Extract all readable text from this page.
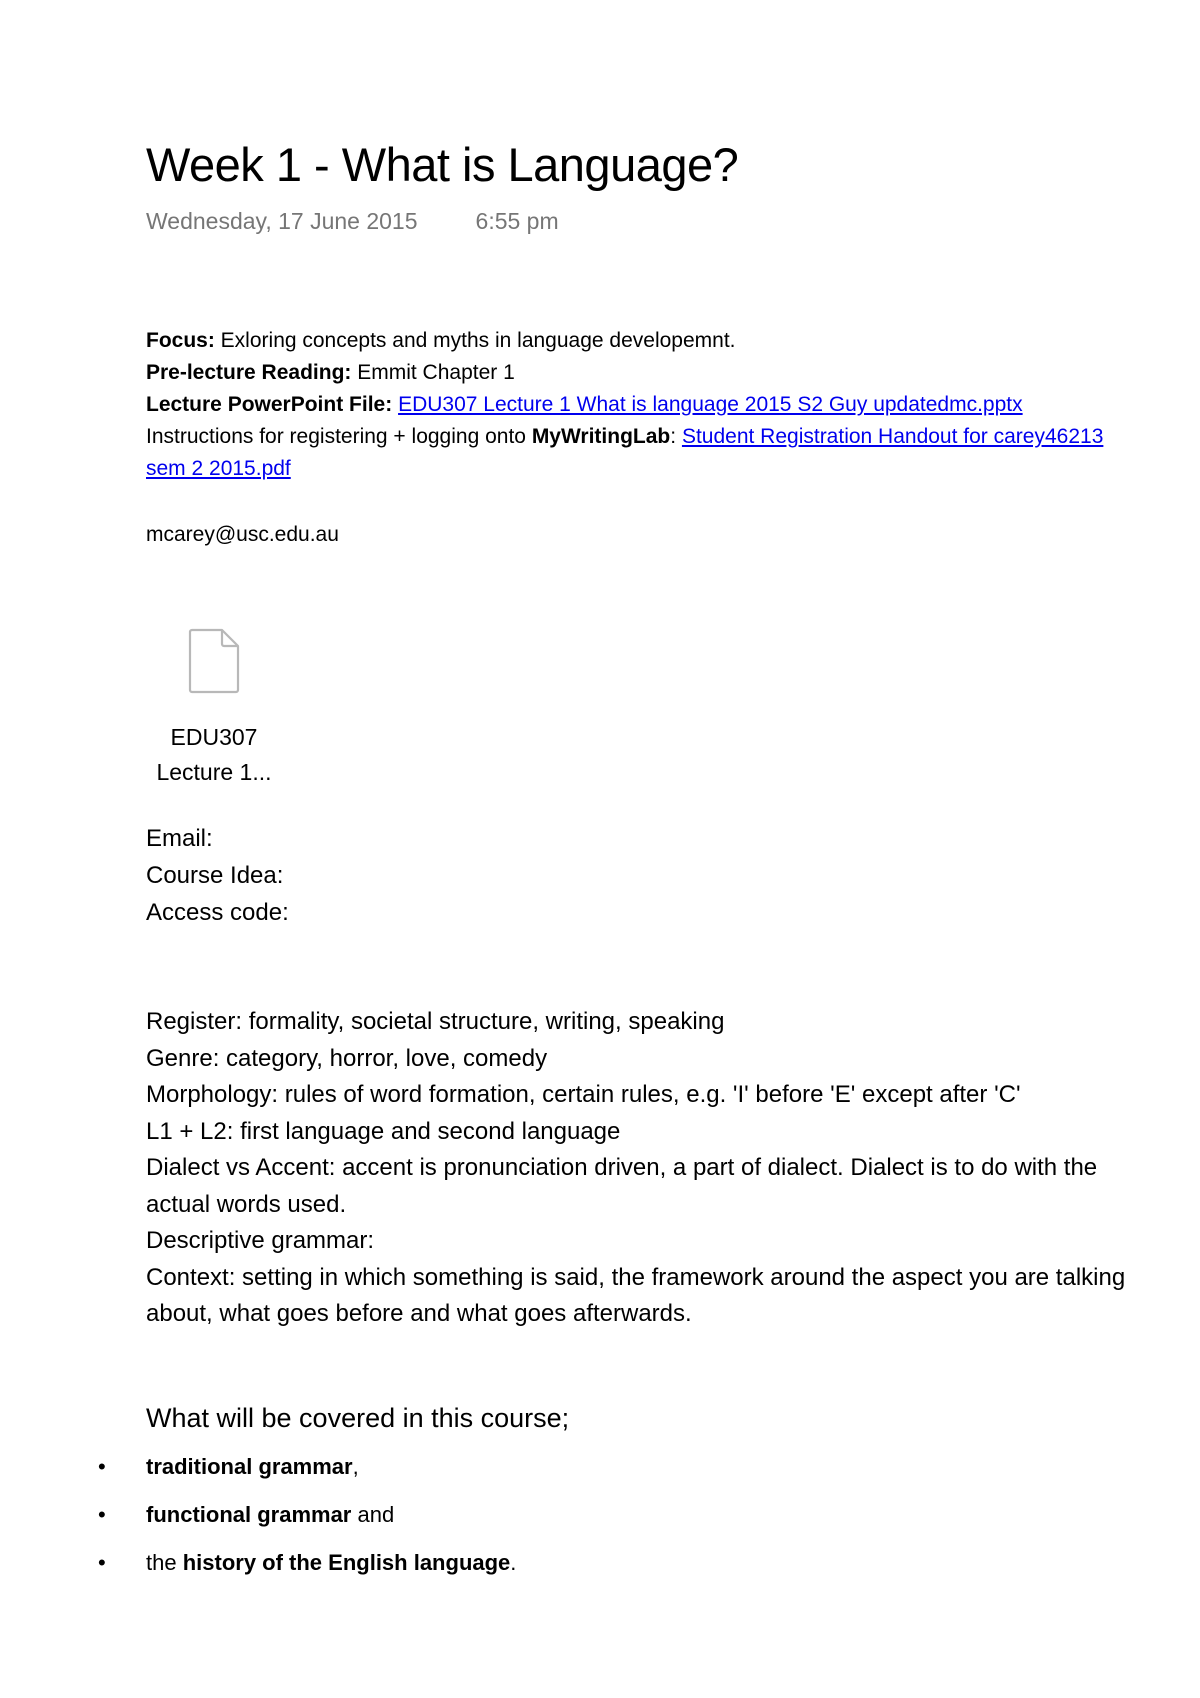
Week 1 - What is Language?
Wednesday, 17 June 2015	6:55 pm
Focus: Exloring concepts and myths in language developemnt.
Pre-lecture Reading: Emmit Chapter 1
Lecture PowerPoint File: EDU307 Lecture 1 What is language 2015 S2 Guy updatedmc.pptx
Instructions for registering + logging onto MyWritingLab: Student Registration Handout for carey46213 sem 2 2015.pdf
mcarey@usc.edu.au
EDU307
Lecture 1...
Email:
Course Idea:
Access code:
Register: formality, societal structure, writing, speaking
Genre: category, horror, love, comedy
Morphology: rules of word formation, certain rules, e.g. 'I' before 'E' except after 'C'
L1 + L2: first language and second language
Dialect vs Accent: accent is pronunciation driven, a part of dialect. Dialect is to do with the actual words used.
Descriptive grammar:
Context: setting in which something is said, the framework around the aspect you are talking about, what goes before and what goes afterwards.
What will be covered in this course;
• traditional grammar,
• functional grammar and
• the history of the English language.
